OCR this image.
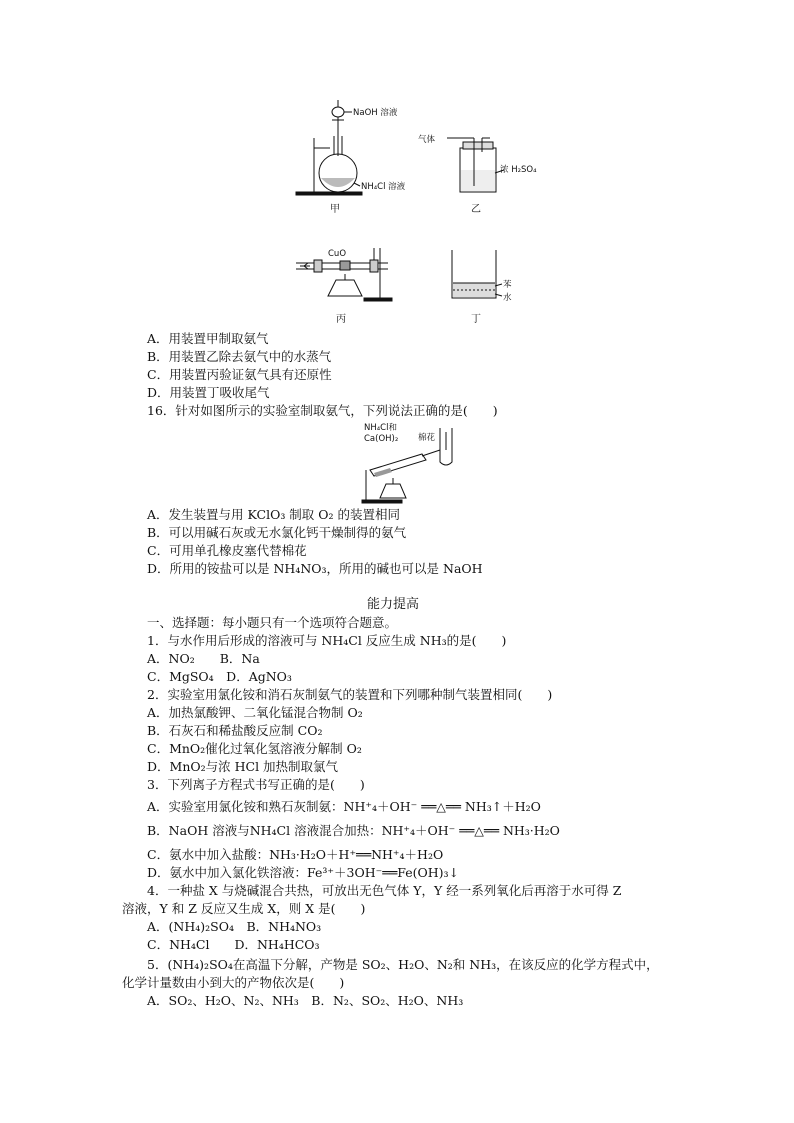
NaOH 溶液
NH₄Cl 溶液
甲
气体
浓 H₂SO₄
乙
CuO
丙
苯
水
丁
NH₄Cl和
Ca(OH)₂ 棉花
A．用装置甲制取氨气
B．用装置乙除去氨气中的水蒸气
C．用装置丙验证氨气具有还原性
D．用装置丁吸收尾气
16．针对如图所示的实验室制取氨气，下列说法正确的是(　　)
A．发生装置与用 KClO₃ 制取 O₂ 的装置相同
B．可以用碱石灰或无水氯化钙干燥制得的氨气
C．可用单孔橡皮塞代替棉花
D．所用的铵盐可以是 NH₄NO₃，所用的碱也可以是 NaOH
能力提高
一、选择题：每小题只有一个选项符合题意。
1．与水作用后形成的溶液可与 NH₄Cl 反应生成 NH₃的是(　　)
A．NO₂　　B．Na
C．MgSO₄　D．AgNO₃
2．实验室用氯化铵和消石灰制氨气的装置和下列哪种制气装置相同(　　)
A．加热氯酸钾、二氧化锰混合物制 O₂
B．石灰石和稀盐酸反应制 CO₂
C．MnO₂催化过氧化氢溶液分解制 O₂
D．MnO₂与浓 HCl 加热制取氯气
3．下列离子方程式书写正确的是(　　)
A．实验室用氯化铵和熟石灰制氨：NH⁺₄＋OH⁻ ══△══ NH₃↑＋H₂O
B．NaOH 溶液与NH₄Cl 溶液混合加热：NH⁺₄＋OH⁻ ══△══ NH₃·H₂O
C．氨水中加入盐酸：NH₃·H₂O＋H⁺══NH⁺₄＋H₂O
D．氨水中加入氯化铁溶液：Fe³⁺＋3OH⁻══Fe(OH)₃↓
4．一种盐 X 与烧碱混合共热，可放出无色气体 Y，Y 经一系列氧化后再溶于水可得 Z
溶液，Y 和 Z 反应又生成 X，则 X 是(　　)
A．(NH₄)₂SO₄　B．NH₄NO₃
C．NH₄Cl　　D．NH₄HCO₃
5．(NH₄)₂SO₄在高温下分解，产物是 SO₂、H₂O、N₂和 NH₃，在该反应的化学方程式中，
化学计量数由小到大的产物依次是(　　)
A．SO₂、H₂O、N₂、NH₃　B．N₂、SO₂、H₂O、NH₃
